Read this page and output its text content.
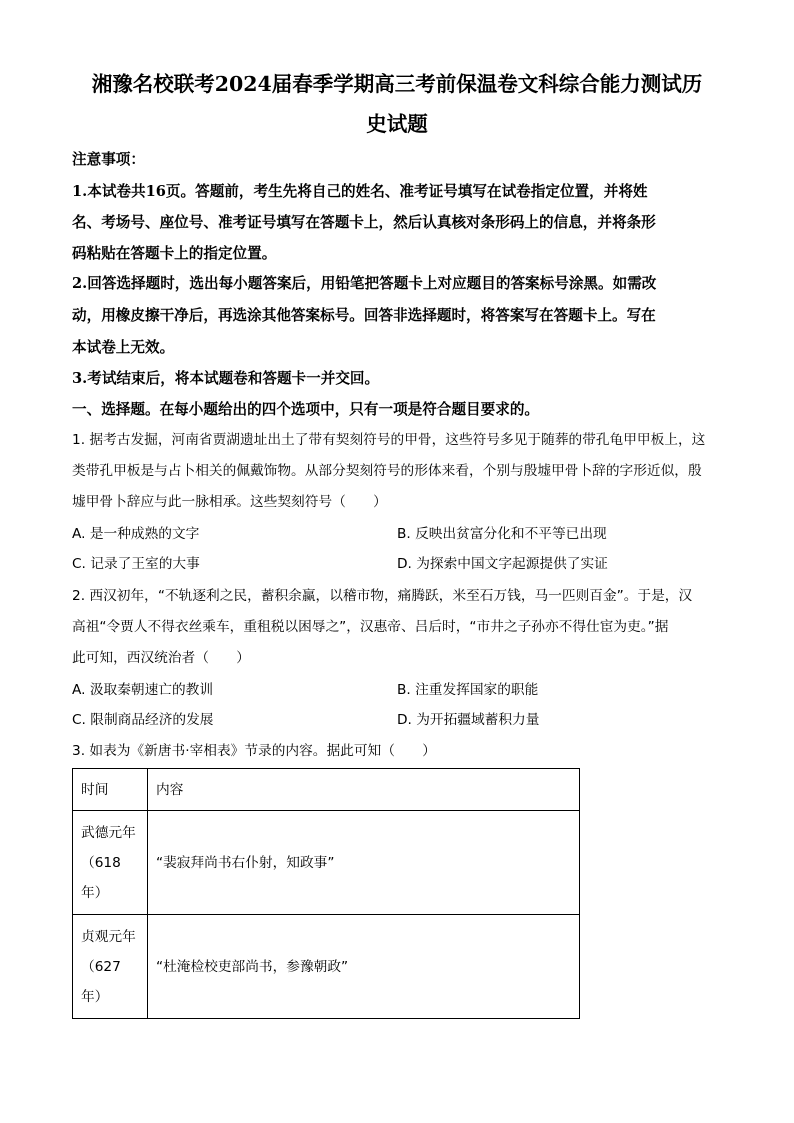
湘豫名校联考2024届春季学期高三考前保温卷文科综合能力测试历

史试题

注意事项：

1.本试卷共16页。答题前，考生先将自己的姓名、准考证号填写在试卷指定位置，并将姓

名、考场号、座位号、准考证号填写在答题卡上，然后认真核对条形码上的信息，并将条形

码粘贴在答题卡上的指定位置。

2.回答选择题时，选出每小题答案后，用铅笔把答题卡上对应题目的答案标号涂黑。如需改

动，用橡皮擦干净后，再选涂其他答案标号。回答非选择题时，将答案写在答题卡上。写在

本试卷上无效。

3.考试结束后，将本试题卷和答题卡一并交回。

一、选择题。在每小题给出的四个选项中，只有一项是符合题目要求的。

1. 据考古发掘，河南省贾湖遗址出土了带有契刻符号的甲骨，这些符号多见于随葬的带孔龟甲甲板上，这

类带孔甲板是与占卜相关的佩戴饰物。从部分契刻符号的形体来看，个别与殷墟甲骨卜辞的字形近似，殷

墟甲骨卜辞应与此一脉相承。这些契刻符号（　　）

A. 是一种成熟的文字	B. 反映出贫富分化和不平等已出现

C. 记录了王室的大事	D. 为探索中国文字起源提供了实证

2. 西汉初年，“不轨逐利之民，蓄积余赢，以稽市物，痛腾跃，米至石万钱，马一匹则百金”。于是，汉

高祖“令贾人不得衣丝乘车，重租税以困辱之”，汉惠帝、吕后时，“市井之子孙亦不得仕宦为吏。”据

此可知，西汉统治者（　　）

A. 汲取秦朝速亡的教训	B. 注重发挥国家的职能

C. 限制商品经济的发展	D. 为开拓疆域蓄积力量

3. 如表为《新唐书·宰相表》节录的内容。据此可知（　　）

时间	内容

武德元年
（618
年）	“裴寂拜尚书右仆射，知政事”

贞观元年
（627
年）	“杜淹检校吏部尚书，参豫朝政”
